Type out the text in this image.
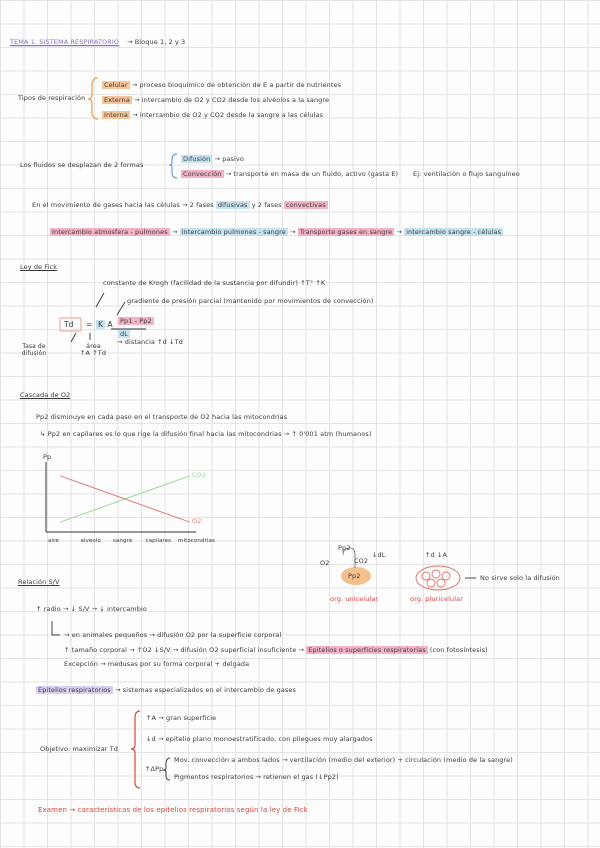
TEMA 1. SISTEMA RESPIRATORIO → Bloque 1, 2 y 3
Tipos de respiración
Celular → proceso bioquímico de obtención de E a partir de nutrientes
Externa → intercambio de O2 y CO2 desde los alvéolos a la sangre
Interna → intercambio de O2 y CO2 desde la sangre a las células
Los fluidos se desplazan de 2 formas
Difusión → pasivo
Convección → transporte en masa de un fluido, activo (gasta E) Ej: ventilación o flujo sanguíneo
En el movimiento de gases hacia las células → 2 fases difusivas y 2 fases convectivas
Intercambio atmosfera - pulmones → intercambio pulmones - sangre → Transporte gases en sangre → intercambio sangre - células
Ley de Fick
constante de Krogh (facilidad de la sustancia por difundir) ↑T° ↑K
gradiente de presión parcial (mantenido por movimientos de convección)
Td = K A	Pp1 - Pp2
dL
→ distancia ↑d ↓Td
Tasa de difusión
área
↑A ↑Td
Cascada de O2
Pp2 disminuye en cada paso en el transporte de O2 hacia las mitocondrias
↳ Pp2 en capilares es lo que rige la difusión final hacia las mitocondrias → ↑ 0'001 atm (humanos)
Pp
CO2
O2
aire	alveolo sangre capilares mitocondrias
Pp2
CO2
O2
↓dL
Pp2
↑d ↓A
org. unicelular	org. pluricelular
No sirve solo la difusión
Relación S/V
↑ radio → ↓ S/V → ↓ intercambio
→ en animales pequeños → difusión O2 por la superficie corporal
↑ tamaño corporal → ↑O2 ↓S/V → difusión O2 superficial insuficiente → Epitelios o superficies respiratorias (con fotosíntesis)
Excepción → medusas por su forma corporal + delgada
Epitelios respiratorios → sistemas especializados en el intercambio de gases
Objetivo: maximizar Td
↑A → gran superficie
↓d → epitelio plano monoestratificado, con pliegues muy alargados
↑ΔPp
Mov. convección a ambos lados → ventilación (medio del exterior) + circulación (medio de la sangre)
Pigmentos respiratorios → retienen el gas (↓Pp2)
Examen → características de los epitelios respiratorios según la ley de Fick
